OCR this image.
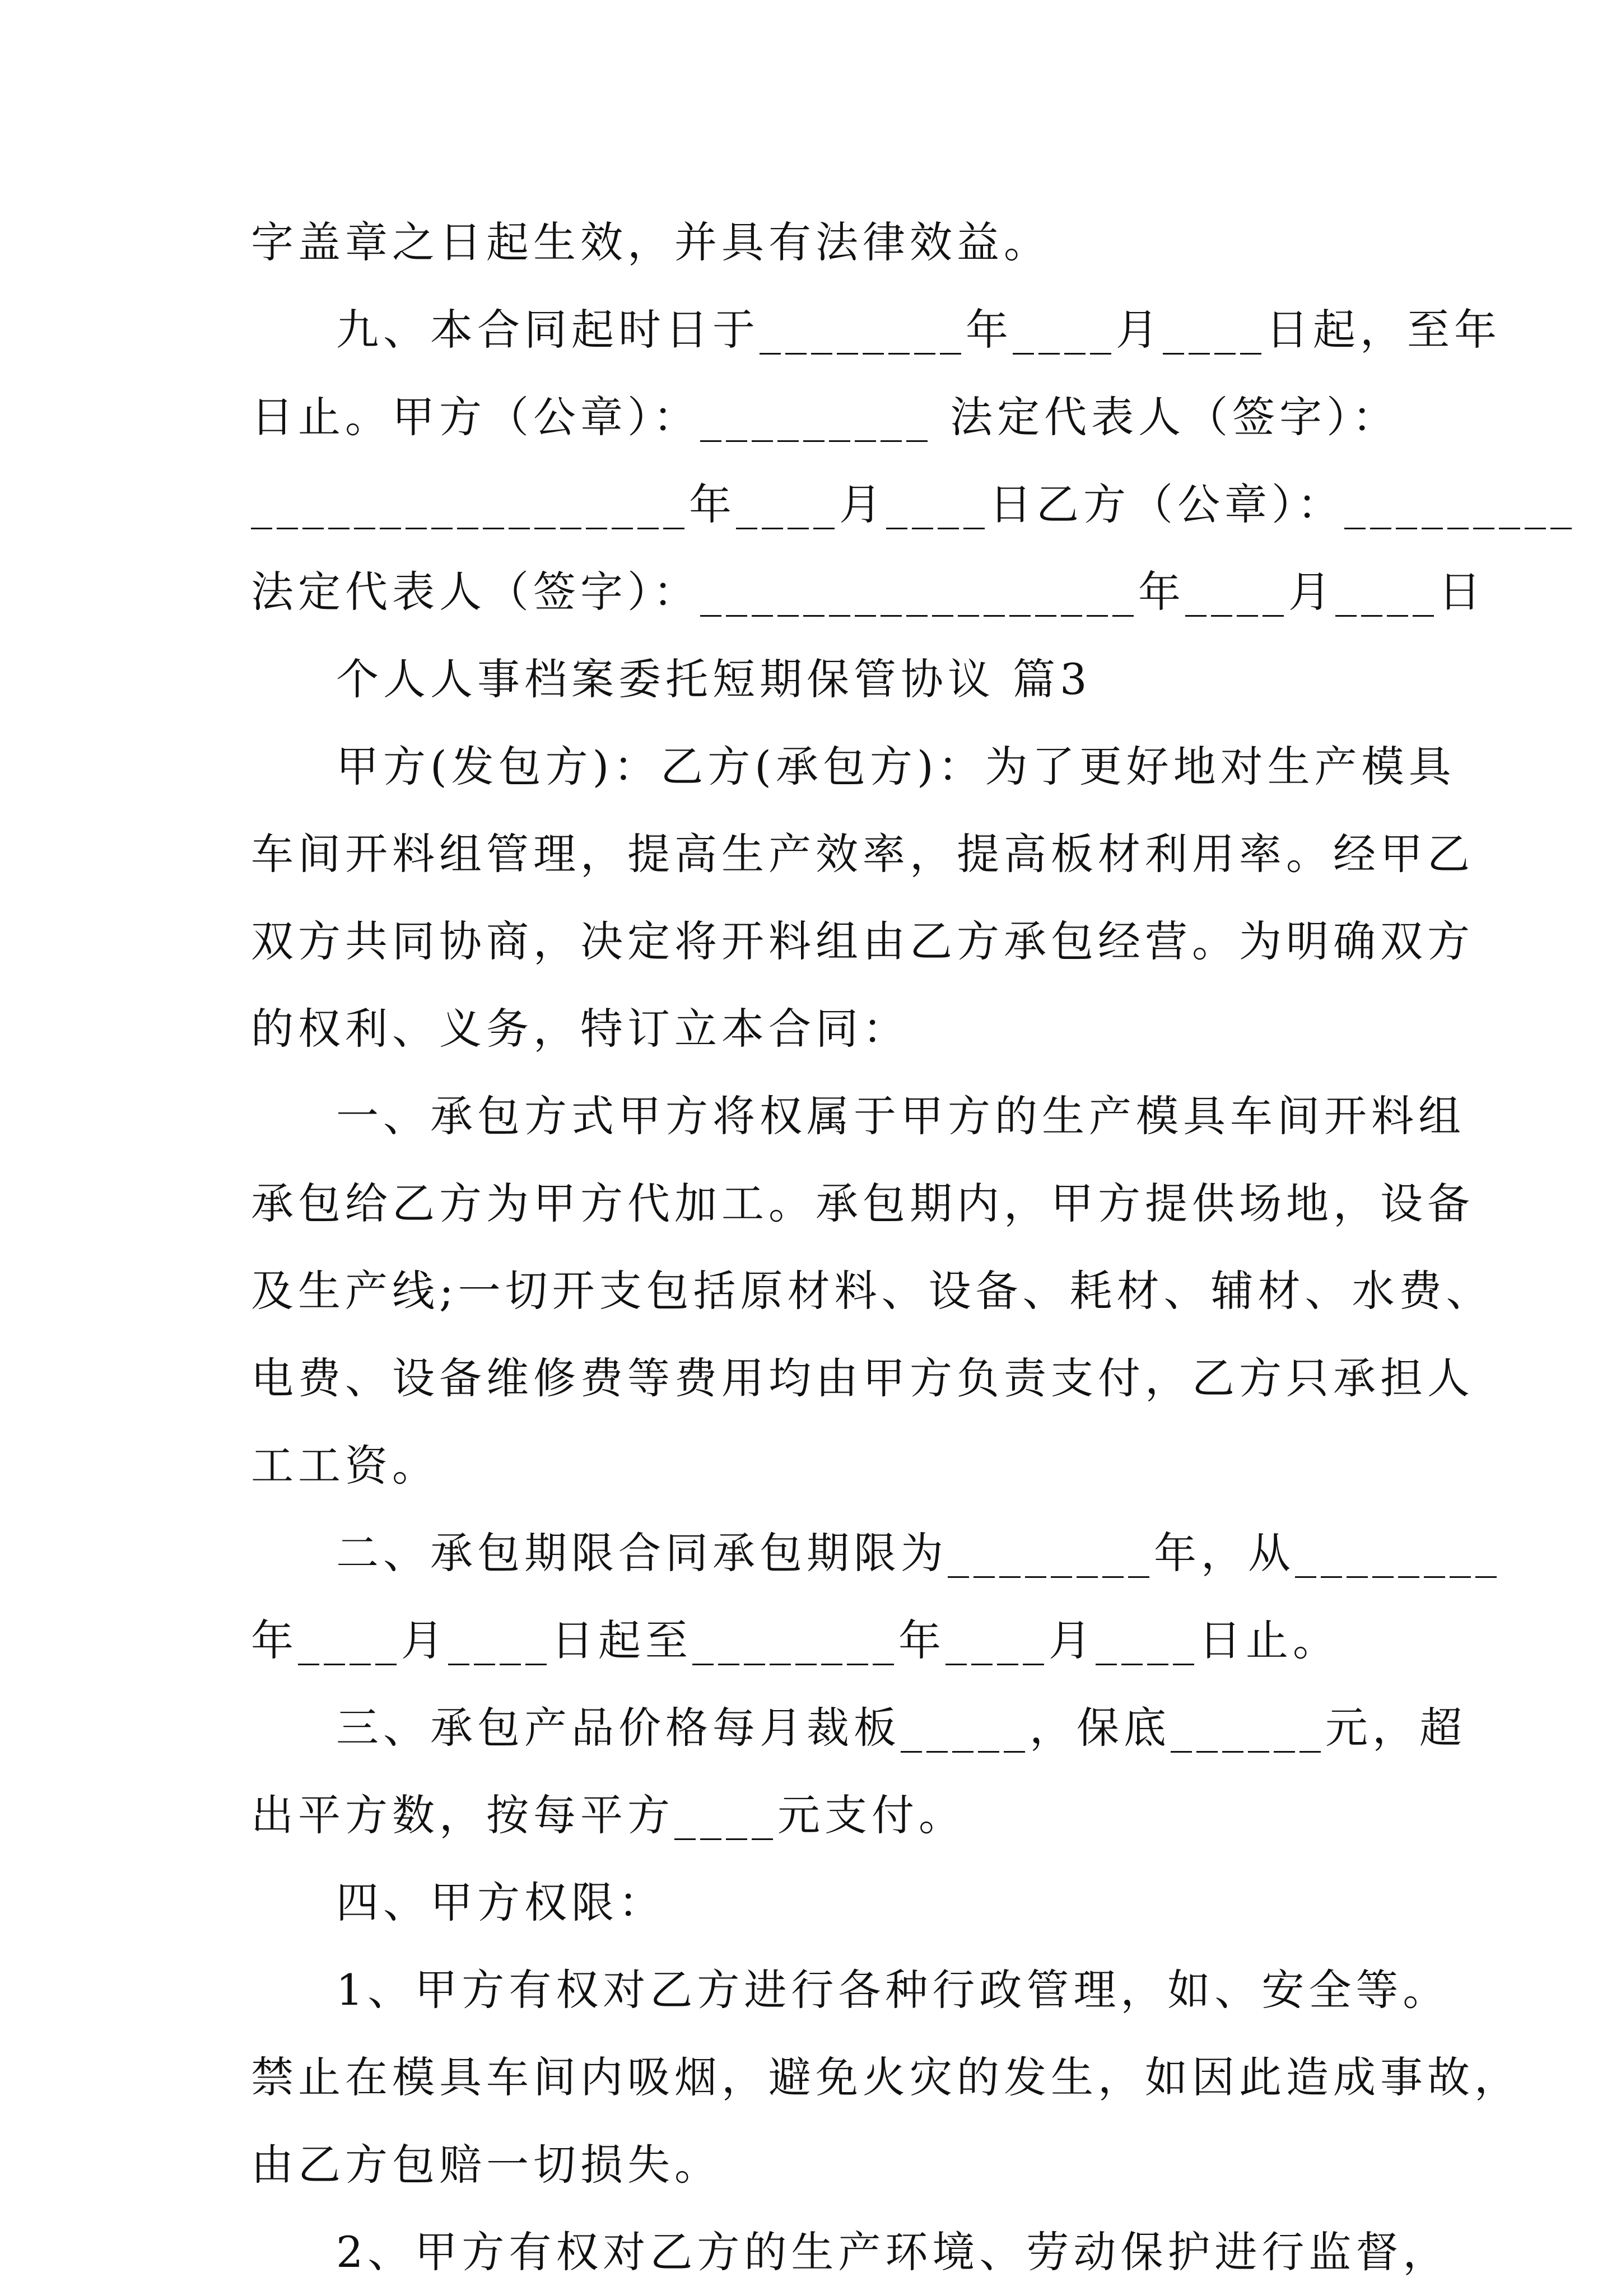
字盖章之日起生效，并具有法律效益。

九、本合同起时日于________年____月____日起，至年

日止。甲方（公章）：_________ 法定代表人（签字）：

_________________年____月____日乙方（公章）：_________

法定代表人（签字）：_________________年____月____日

个人人事档案委托短期保管协议 篇3

甲方(发包方)：乙方(承包方)：为了更好地对生产模具

车间开料组管理，提高生产效率，提高板材利用率。经甲乙

双方共同协商，决定将开料组由乙方承包经营。为明确双方

的权利、义务，特订立本合同：

一、承包方式甲方将权属于甲方的生产模具车间开料组

承包给乙方为甲方代加工。承包期内，甲方提供场地，设备

及生产线;一切开支包括原材料、设备、耗材、辅材、水费、

电费、设备维修费等费用均由甲方负责支付，乙方只承担人

工工资。

二、承包期限合同承包期限为________年，从________

年____月____日起至________年____月____日止。

三、承包产品价格每月裁板_____，保底______元，超

出平方数，按每平方____元支付。

四、甲方权限：

1、甲方有权对乙方进行各种行政管理，如、安全等。

禁止在模具车间内吸烟，避免火灾的发生，如因此造成事故，

由乙方包赔一切损失。

2、甲方有权对乙方的生产环境、劳动保护进行监督，
